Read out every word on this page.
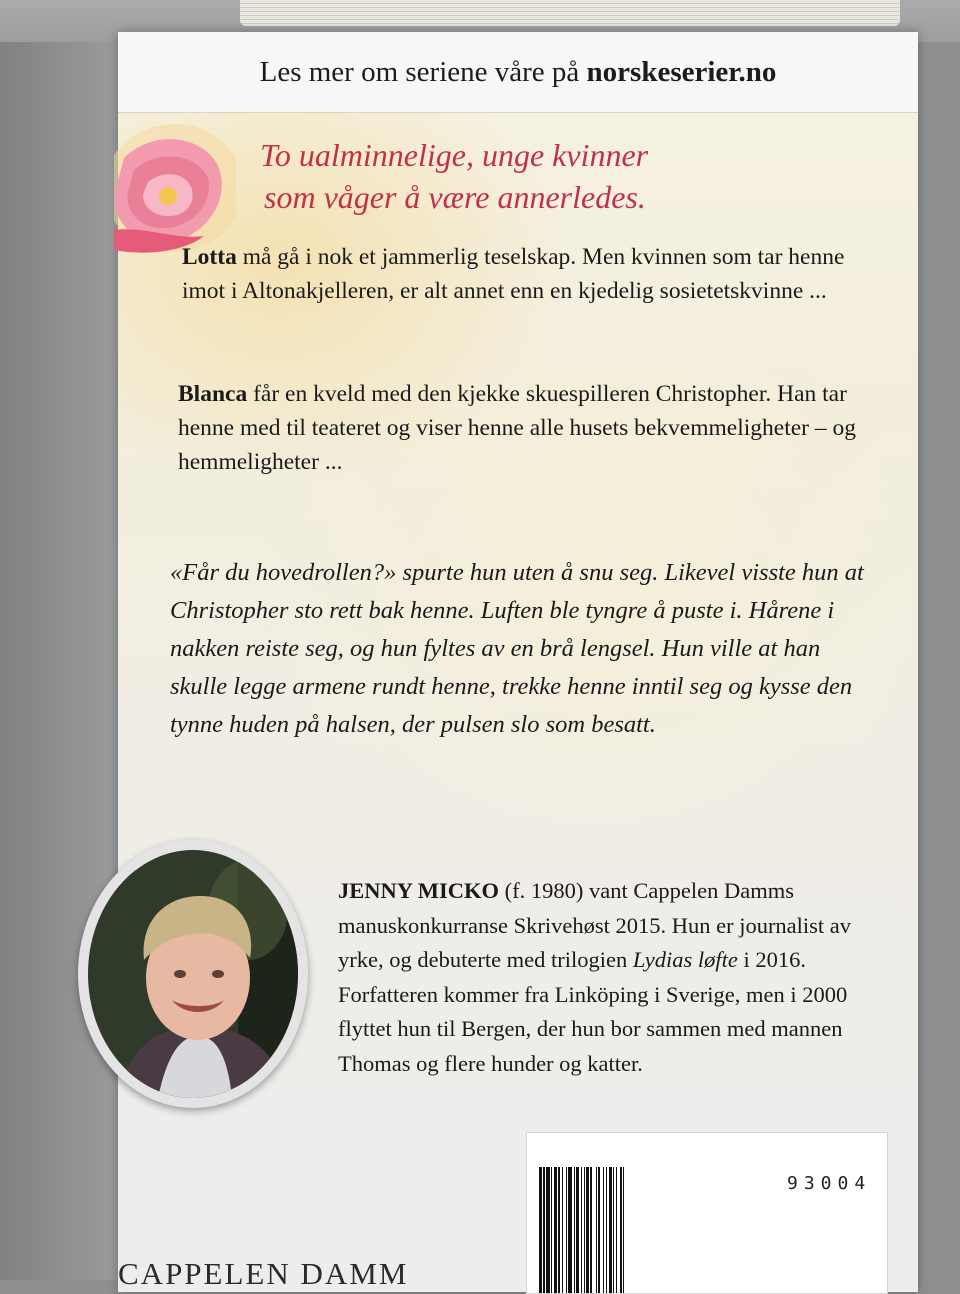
Les mer om seriene våre på
norskeserier.no
To ualminnelige, unge kvinner
som våger å være annerledes.

Lotta må gå i nok et jammerlig teselskap. Men kvinnen som tar henne imot i Altonakjelleren, er alt annet enn en kjedelig sosietetskvinne ...

Blanca får en kveld med den kjekke skuespilleren Christopher. Han tar henne med til teateret og viser henne alle husets bekvemmeligheter – og hemmeligheter ...

«Får du hovedrollen?» spurte hun uten å snu seg. Likevel visste hun at Christopher sto rett bak henne. Luften ble tyngre å puste i. Hårene i nakken reiste seg, og hun fyltes av en brå lengsel. Hun ville at han skulle legge armene rundt henne, trekke henne inntil seg og kysse den tynne huden på halsen, der pulsen slo som besatt.

JENNY MICKO (f. 1980) vant Cappelen Damms manuskonkurranse Skrivehøst 2015. Hun er journalist av yrke, og debuterte med trilogien Lydias løfte i 2016. Forfatteren kommer fra Linköping i Sverige, men i 2000 flyttet hun til Bergen, der hun bor sammen med mannen Thomas og flere hunder og katter.

93004
CAPPELEN DAMM
